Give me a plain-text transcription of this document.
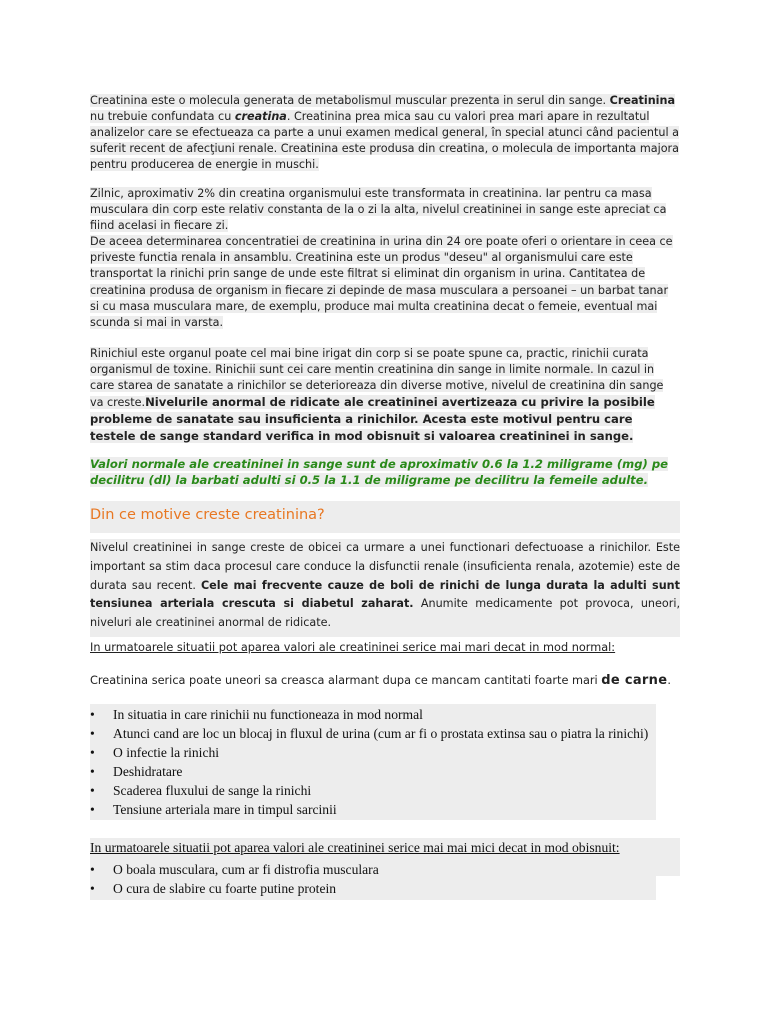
Creatinina este o molecula generata de metabolismul muscular prezenta in serul din sange. Creatinina nu trebuie confundata cu creatina. Creatinina prea mica sau cu valori prea mari apare in rezultatul analizelor care se efectueaza ca parte a unui examen medical general, în special atunci când pacientul a suferit recent de afecţiuni renale. Creatinina este produsa din creatina, o molecula de importanta majora pentru producerea de energie in muschi.
Zilnic, aproximativ 2% din creatina organismului este transformata in creatinina. Iar pentru ca masa musculara din corp este relativ constanta de la o zi la alta, nivelul creatininei in sange este apreciat ca fiind acelasi in fiecare zi.
De aceea determinarea concentratiei de creatinina in urina din 24 ore poate oferi o orientare in ceea ce priveste functia renala in ansamblu. Creatinina este un produs "deseu" al organismului care este transportat la rinichi prin sange de unde este filtrat si eliminat din organism in urina. Cantitatea de creatinina produsa de organism in fiecare zi depinde de masa musculara a persoanei – un barbat tanar si cu masa musculara mare, de exemplu, produce mai multa creatinina decat o femeie, eventual mai scunda si mai in varsta.
Rinichiul este organul poate cel mai bine irigat din corp si se poate spune ca, practic, rinichii curata organismul de toxine. Rinichii sunt cei care mentin creatinina din sange in limite normale. In cazul in care starea de sanatate a rinichilor se deterioreaza din diverse motive, nivelul de creatinina din sange va creste.Nivelurile anormal de ridicate ale creatininei avertizeaza cu privire la posibile probleme de sanatate sau insuficienta a rinichilor. Acesta este motivul pentru care testele de sange standard verifica in mod obisnuit si valoarea creatininei in sange.
Valori normale ale creatininei in sange sunt de aproximativ 0.6 la 1.2 miligrame (mg) pe decilitru (dl) la barbati adulti si 0.5 la 1.1 de miligrame pe decilitru la femeile adulte.
Din ce motive creste creatinina?
Nivelul creatininei in sange creste de obicei ca urmare a unei functionari defectuoase a rinichilor. Este important sa stim daca procesul care conduce la disfunctii renale (insuficienta renala, azotemie) este de durata sau recent. Cele mai frecvente cauze de boli de rinichi de lunga durata la adulti sunt tensiunea arteriala crescuta si diabetul zaharat. Anumite medicamente pot provoca, uneori, niveluri ale creatininei anormal de ridicate.
In urmatoarele situatii pot aparea valori ale creatininei serice mai mari decat in mod normal:
Creatinina serica poate uneori sa creasca alarmant dupa ce mancam cantitati foarte mari de carne.
• In situatia in care rinichii nu functioneaza in mod normal
• Atunci cand are loc un blocaj in fluxul de urina (cum ar fi o prostata extinsa sau o piatra la rinichi)
• O infectie la rinichi
• Deshidratare
• Scaderea fluxului de sange la rinichi
• Tensiune arteriala mare in timpul sarcinii
In urmatoarele situatii pot aparea valori ale creatininei serice mai mai mici decat in mod obisnuit:
• O boala musculara, cum ar fi distrofia musculara
• O cura de slabire cu foarte putine protein
